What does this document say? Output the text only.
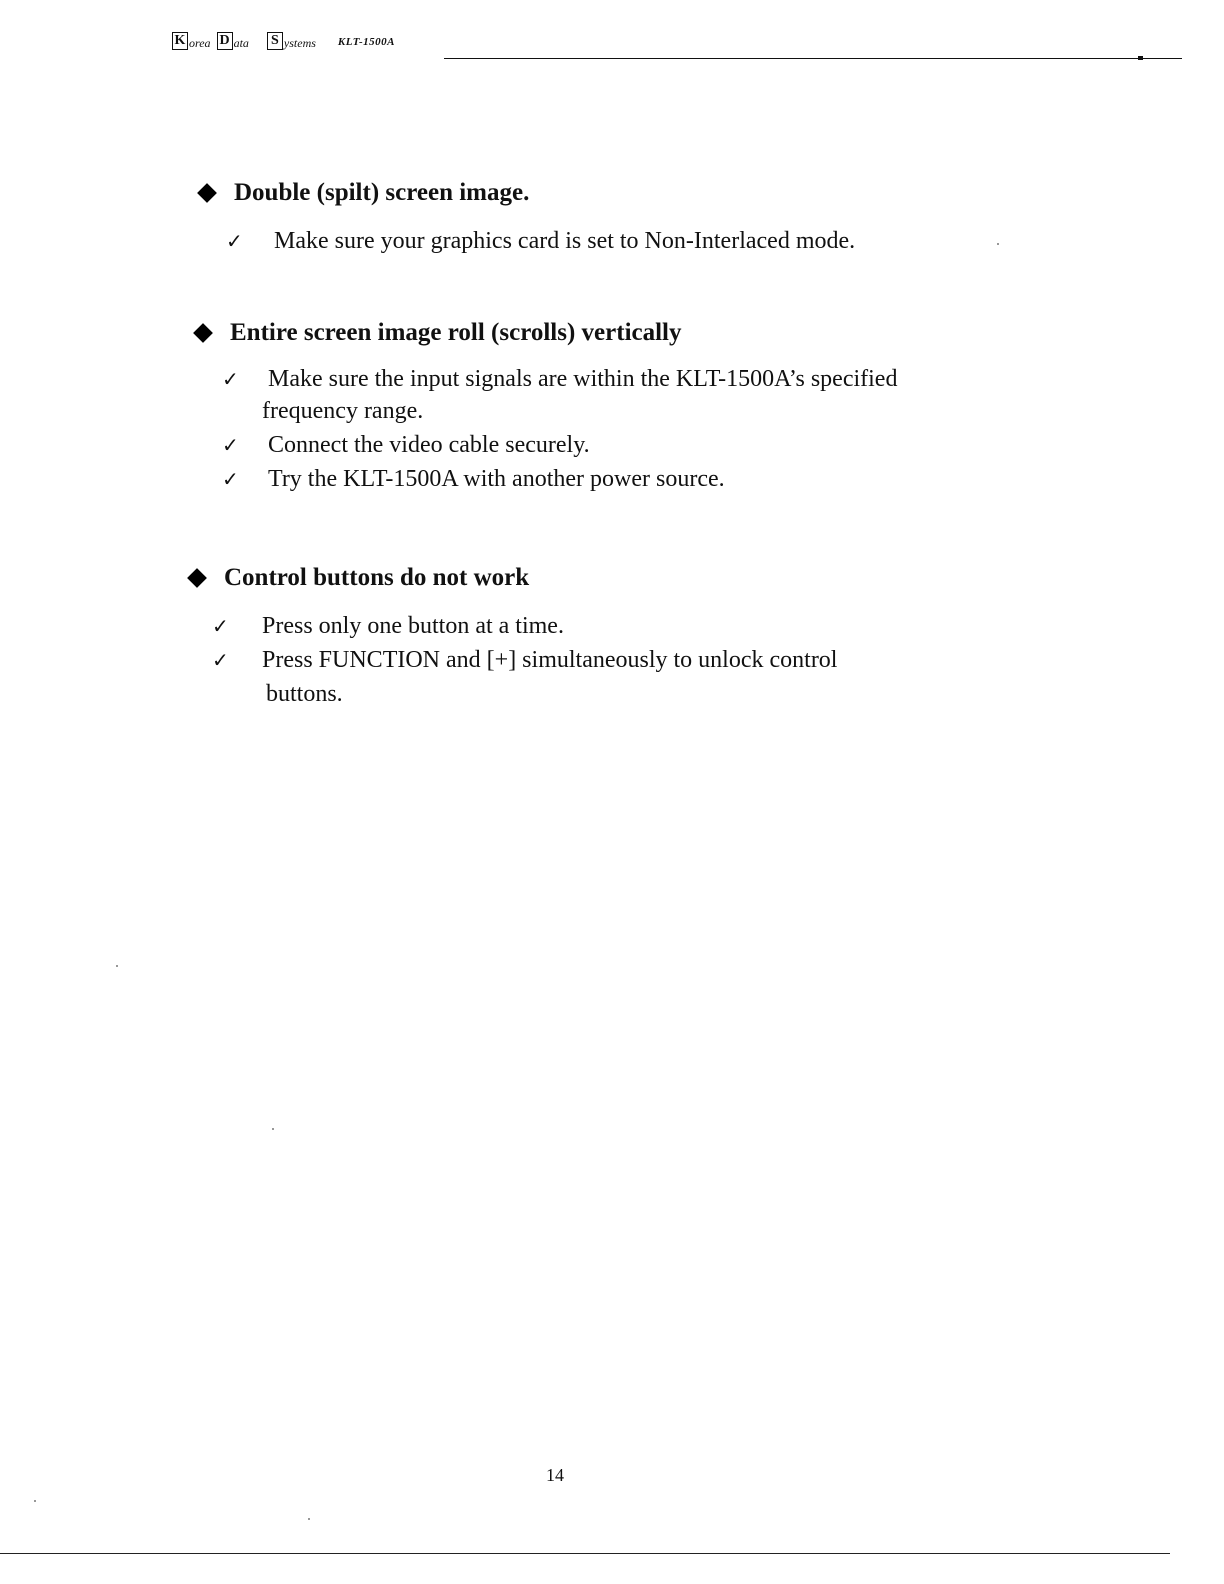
K orea D ata S ystems KLT-1500A
Double (spilt) screen image.
✓	Make sure your graphics card is set to Non-Interlaced mode.
Entire screen image roll (scrolls) vertically
✓	Make sure the input signals are within the KLT-1500A’s specified
frequency range.
✓	Connect the video cable securely.
✓	Try the KLT-1500A with another power source.
Control buttons do not work
✓	Press only one button at a time.
✓	Press FUNCTION and [+] simultaneously to unlock control
buttons.
14
